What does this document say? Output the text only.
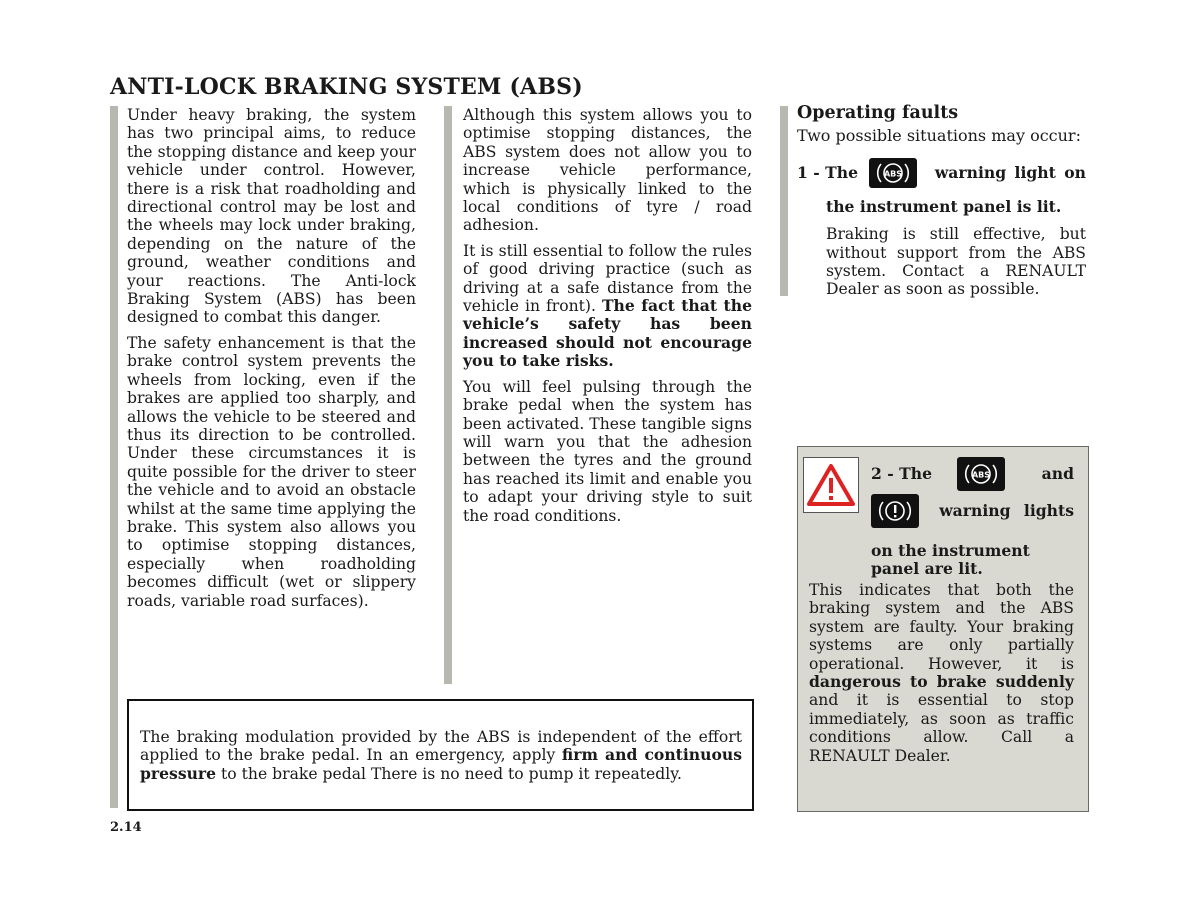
ANTI-LOCK BRAKING SYSTEM (ABS)

Under heavy braking, the system has two principal aims, to reduce the stopping distance and keep your vehicle under control. However, there is a risk that roadholding and directional control may be lost and the wheels may lock under braking, depending on the nature of the ground, weather conditions and your reactions. The Anti-lock Braking System (ABS) has been designed to combat this danger.

The safety enhancement is that the brake control system prevents the wheels from locking, even if the brakes are applied too sharply, and allows the vehicle to be steered and thus its direction to be controlled. Under these circumstances it is quite possible for the driver to steer the vehicle and to avoid an obstacle whilst at the same time applying the brake. This system also allows you to optimise stopping distances, especially when roadholding becomes difficult (wet or slippery roads, variable road surfaces).

Although this system allows you to optimise stopping distances, the ABS system does not allow you to increase vehicle performance, which is physically linked to the local conditions of tyre / road adhesion.

It is still essential to follow the rules of good driving practice (such as driving at a safe distance from the vehicle in front). The fact that the vehicle’s safety has been increased should not encourage you to take risks.

You will feel pulsing through the brake pedal when the system has been activated. These tangible signs will warn you that the adhesion between the tyres and the ground has reached its limit and enable you to adapt your driving style to suit the road conditions.

The braking modulation provided by the ABS is independent of the effort applied to the brake pedal. In an emergency, apply firm and continuous pressure to the brake pedal There is no need to pump it repeatedly.
Operating faults
Two possible situations may occur:
1 - The	ABS warning light on
the instrument panel is lit.
Braking is still effective, but without support from the ABS system. Contact a RENAULT Dealer as soon as possible.
2 - The	ABS	and
warning lights
on the instrument panel are lit.
This indicates that both the braking system and the ABS system are faulty. Your braking systems are only partially operational. However, it is dangerous to brake suddenly and it is essential to stop immediately, as soon as traffic conditions allow. Call a RENAULT Dealer.
2.14
